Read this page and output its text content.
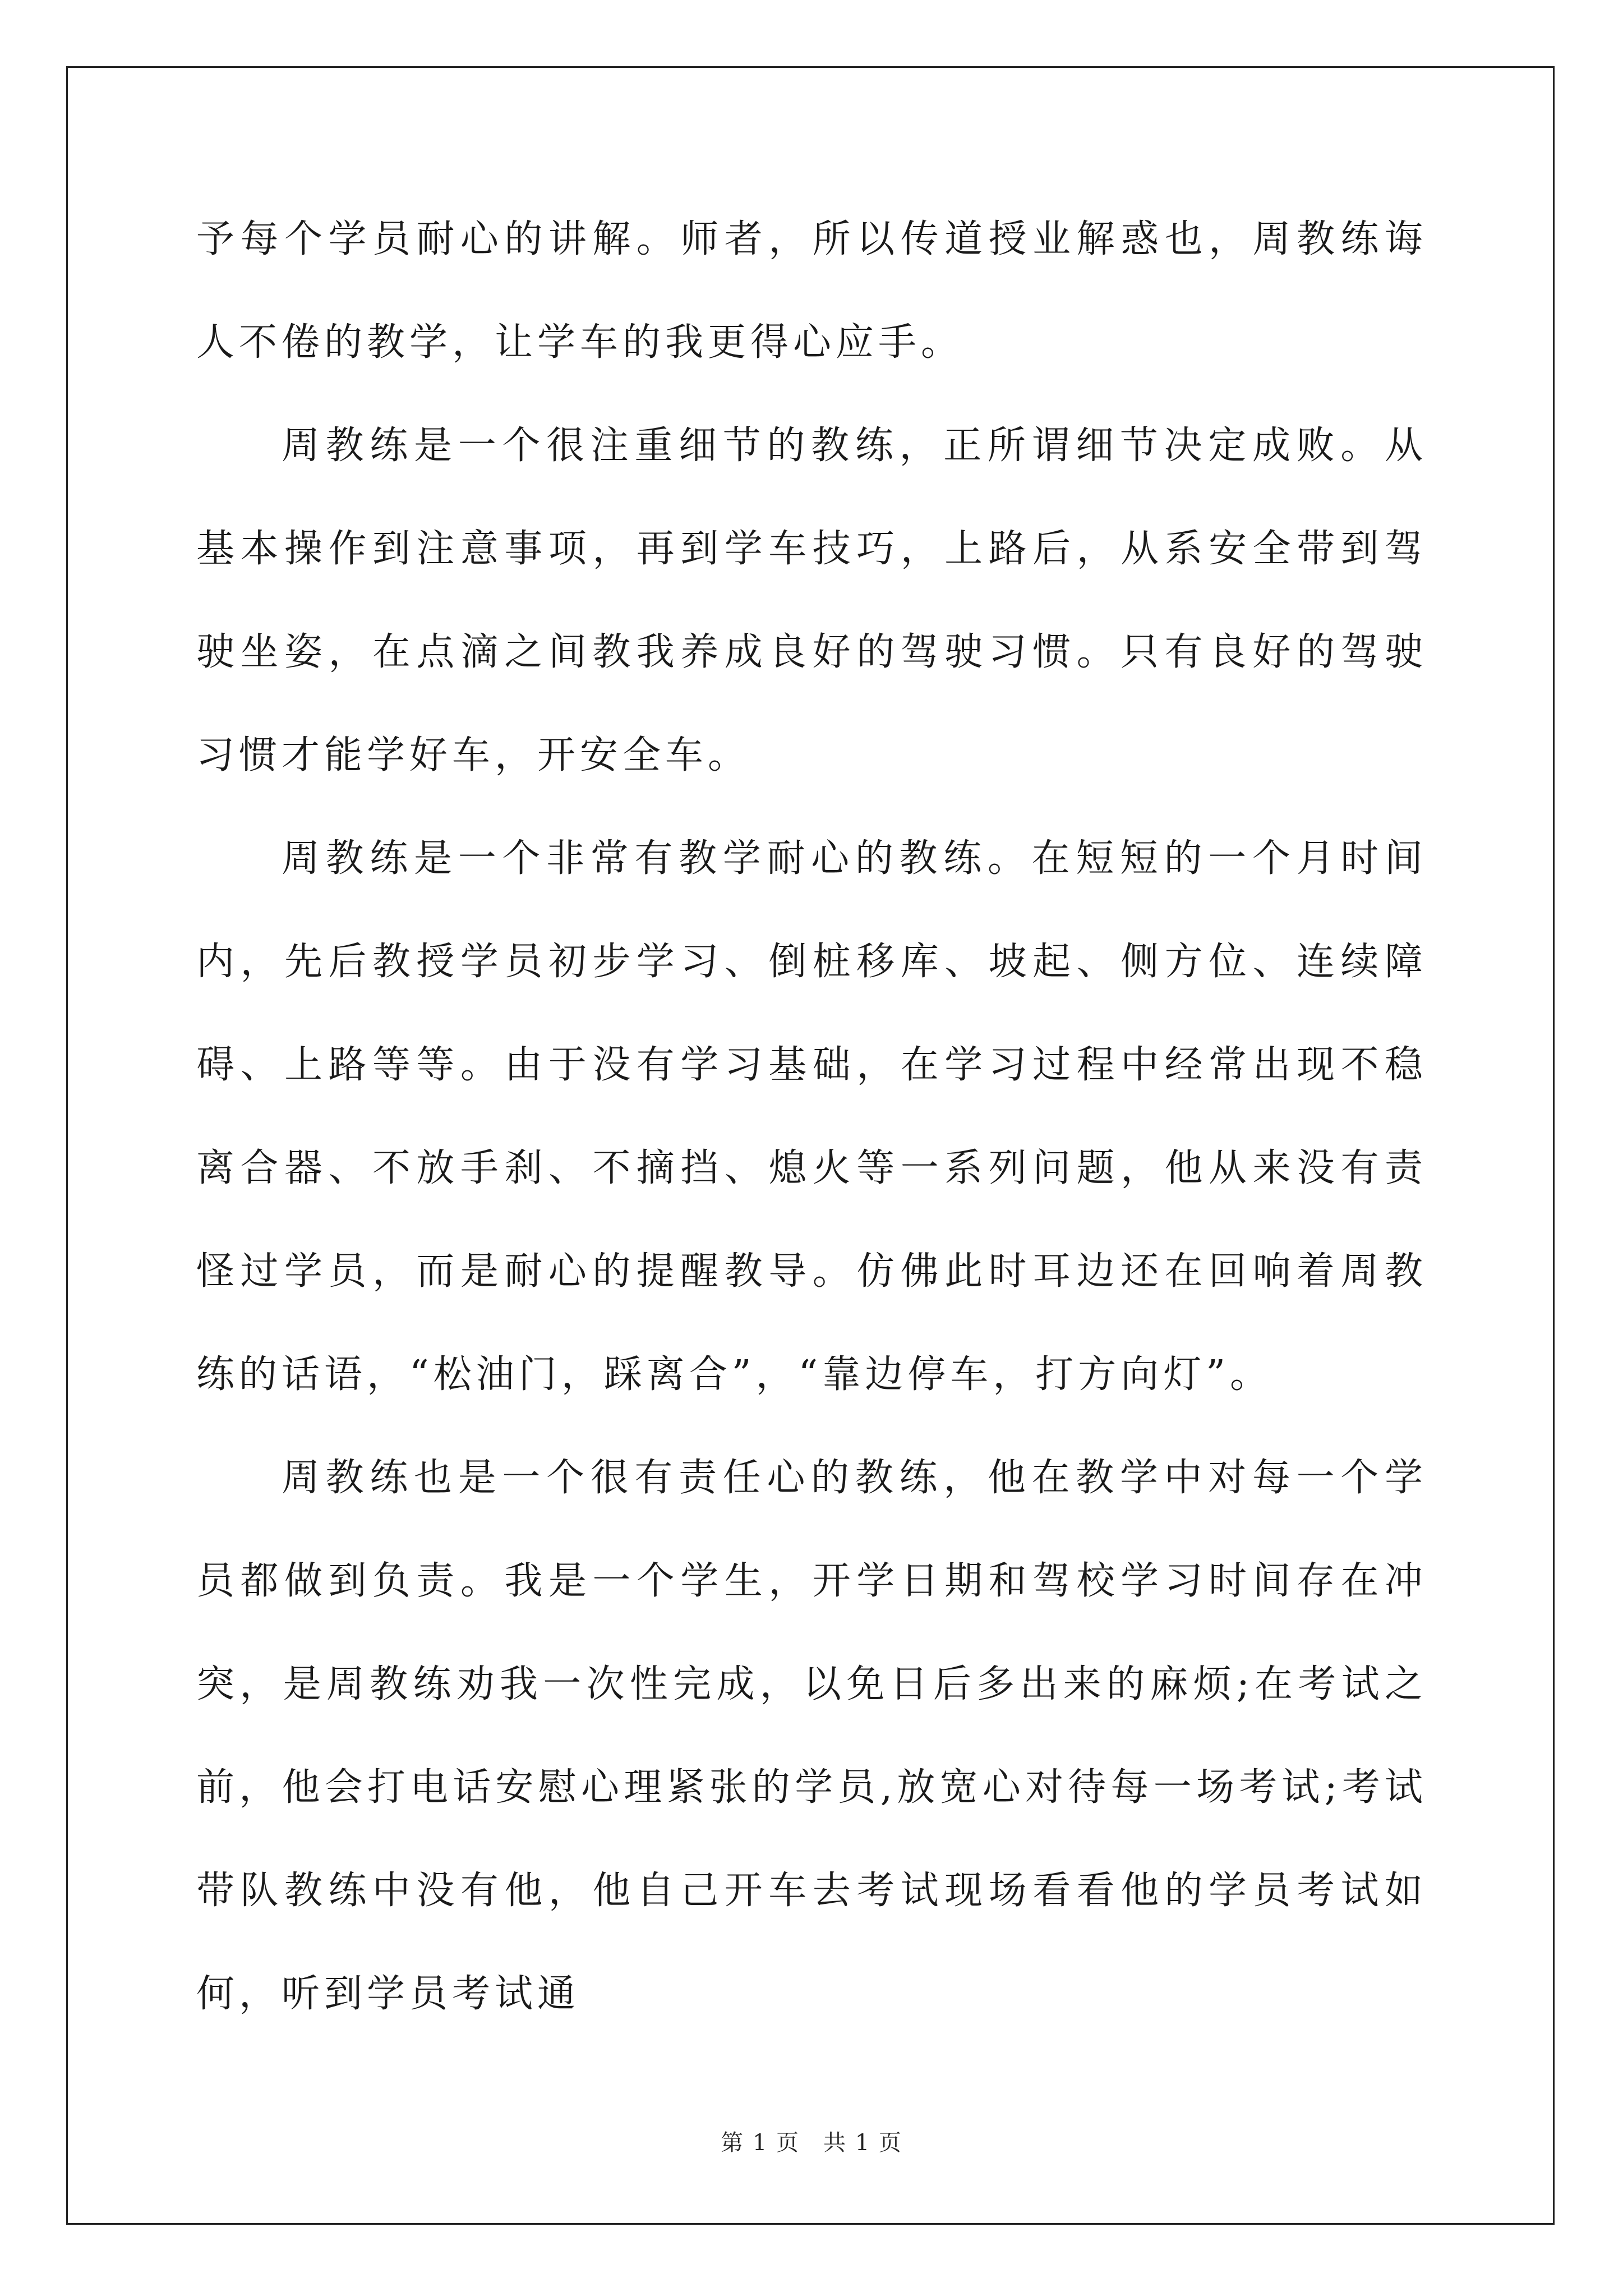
予每个学员耐心的讲解。师者，所以传道授业解惑也，周教练诲人不倦的教学，让学车的我更得心应手。

周教练是一个很注重细节的教练，正所谓细节决定成败。从基本操作到注意事项，再到学车技巧，上路后，从系安全带到驾驶坐姿，在点滴之间教我养成良好的驾驶习惯。只有良好的驾驶习惯才能学好车，开安全车。

周教练是一个非常有教学耐心的教练。在短短的一个月时间内，先后教授学员初步学习、倒桩移库、坡起、侧方位、连续障碍、上路等等。由于没有学习基础，在学习过程中经常出现不稳离合器、不放手刹、不摘挡、熄火等一系列问题，他从来没有责怪过学员，而是耐心的提醒教导。仿佛此时耳边还在回响着周教练的话语，“松油门，踩离合”，“靠边停车，打方向灯”。

周教练也是一个很有责任心的教练，他在教学中对每一个学员都做到负责。我是一个学生，开学日期和驾校学习时间存在冲突，是周教练劝我一次性完成，以免日后多出来的麻烦;在考试之前，他会打电话安慰心理紧张的学员,放宽心对待每一场考试;考试带队教练中没有他，他自己开车去考试现场看看他的学员考试如何，听到学员考试通

第 1 页　共 1 页
